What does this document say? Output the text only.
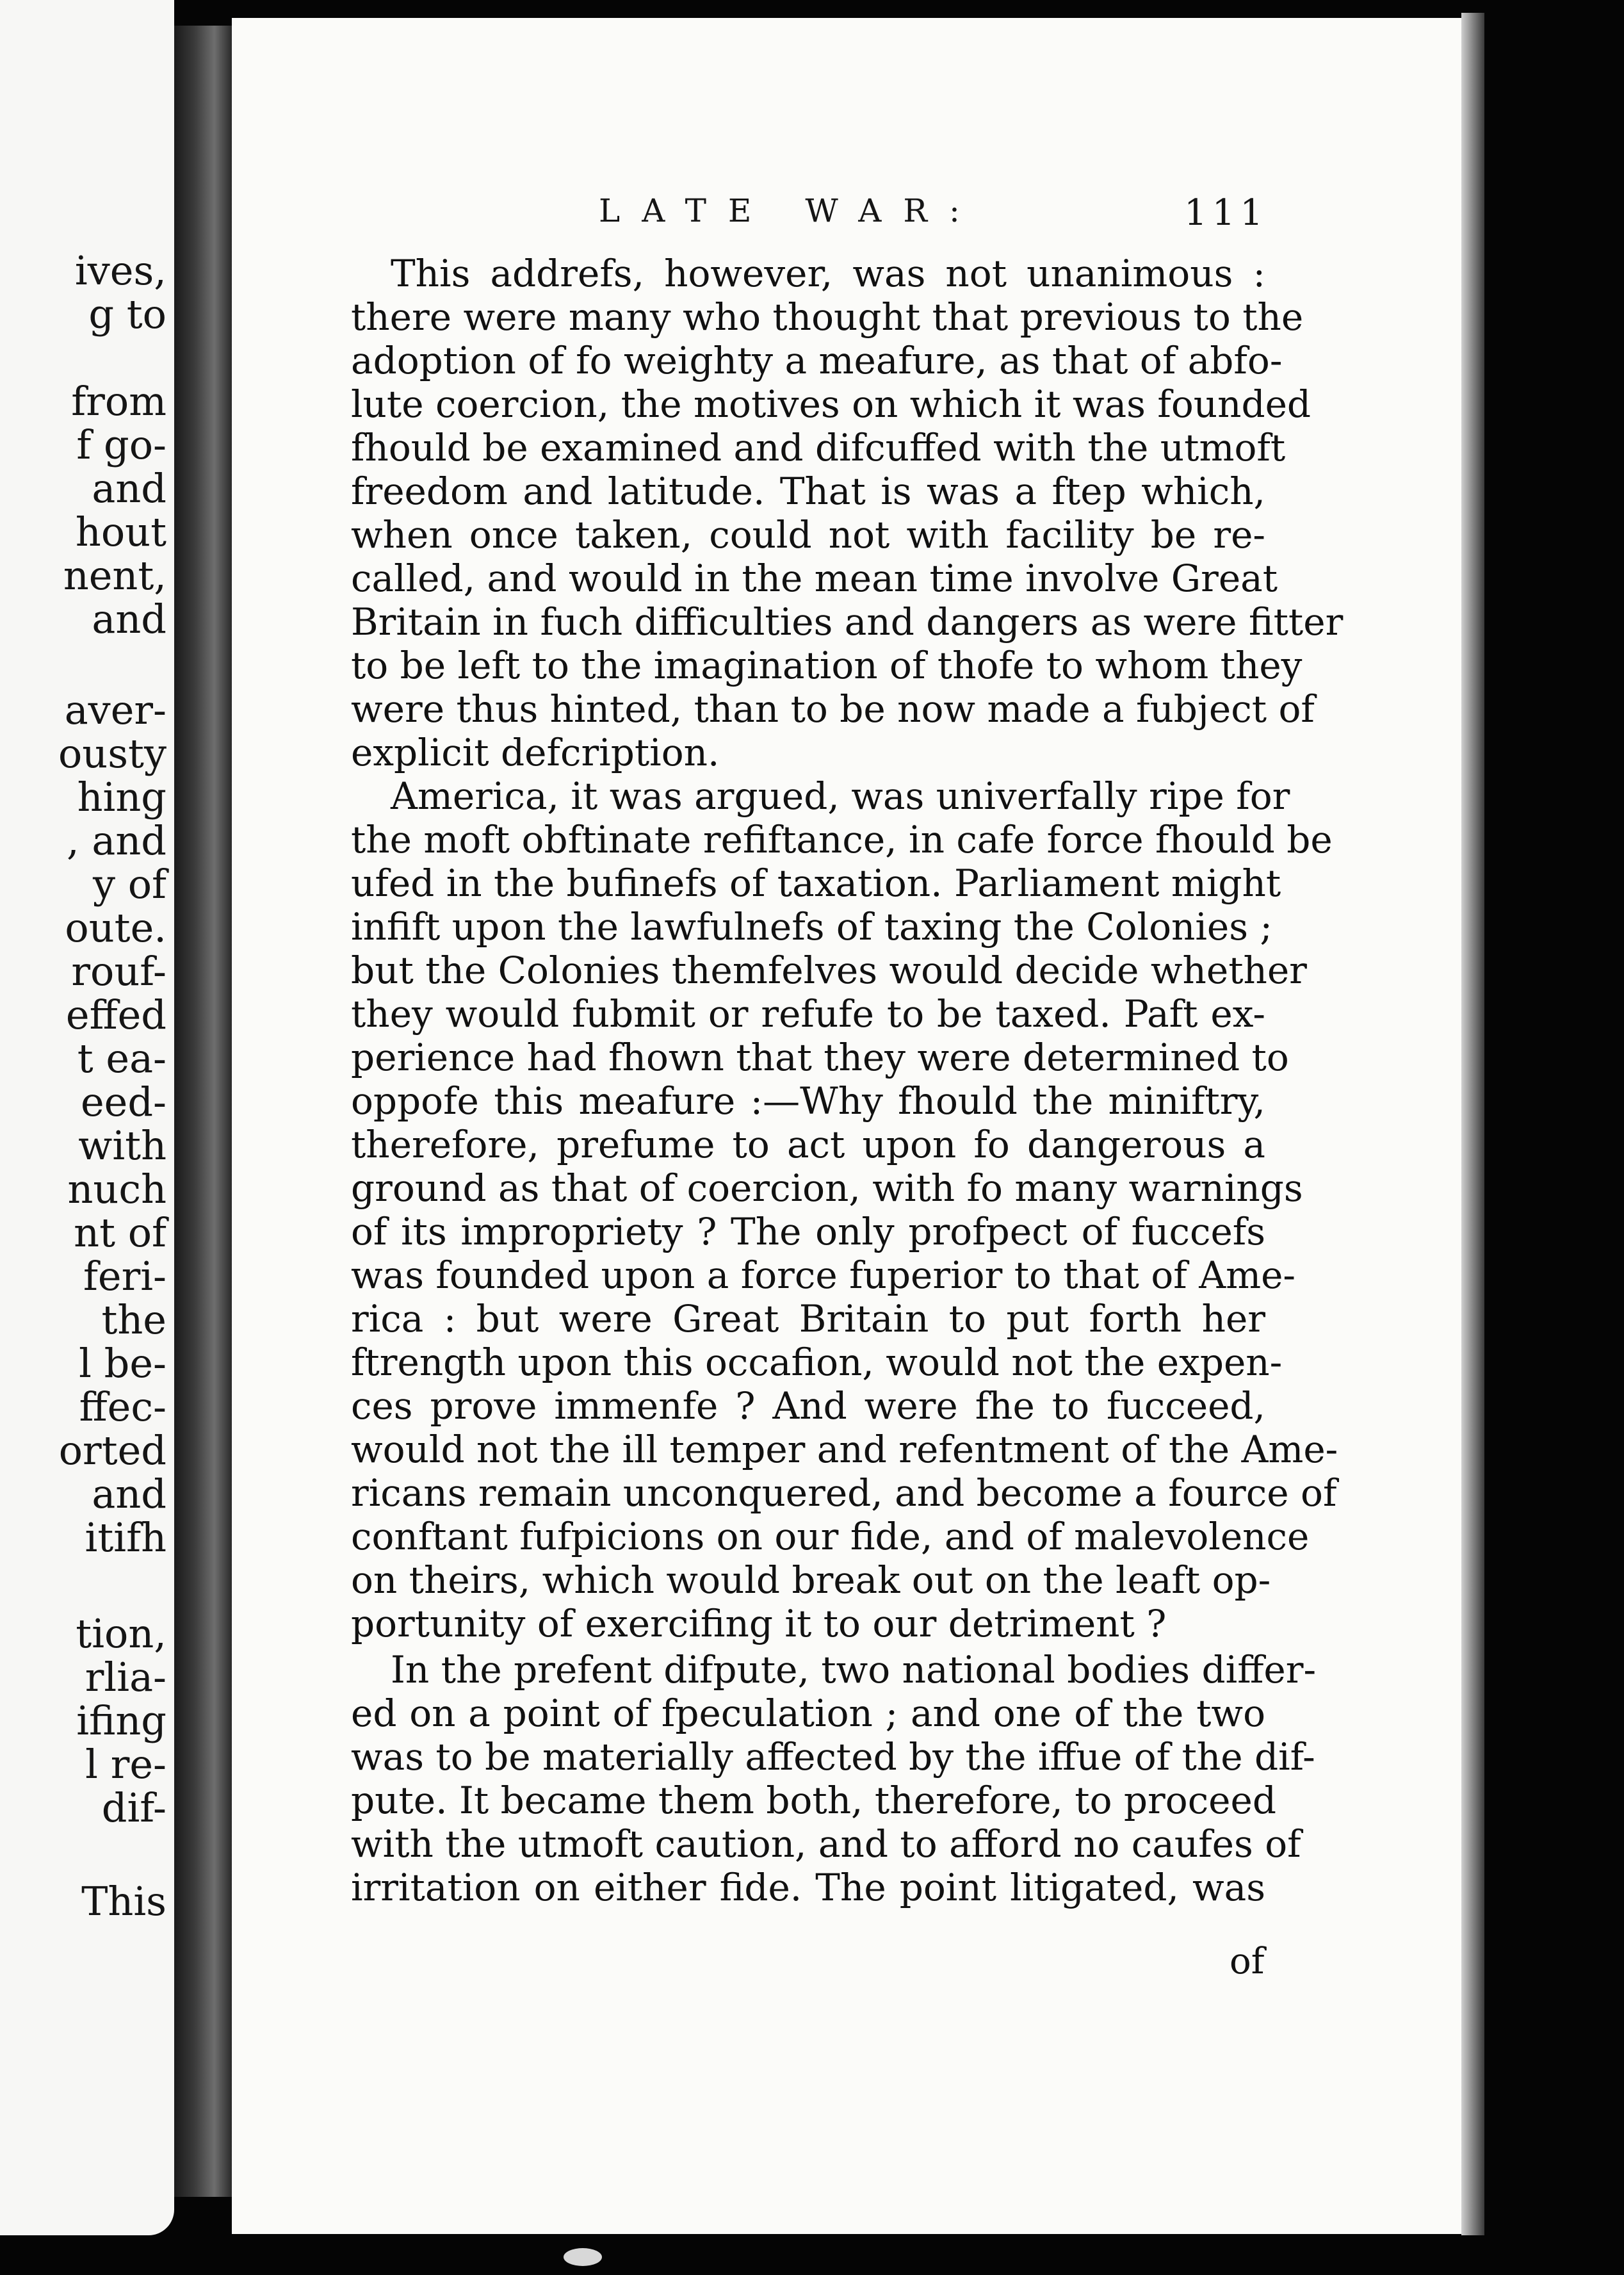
ives,
g to
from
f go-
and
hout
nent,
and
aver-
ousty
hing
, and
y of
oute.
rouf-
effed
t ea-
eed-
with
nuch
nt of
feri-
the
l be-
ffec-
orted
and
itifh
tion,
rlia-
ifing
l re-
dif-
This
LATE WAR:	111
This addrefs, however, was not unanimous :
there were many who thought that previous to the
adoption of fo weighty a meafure, as that of abfo-
lute coercion, the motives on which it was founded
fhould be examined and difcuffed with the utmoft
freedom and latitude. That is was a ftep which,
when once taken, could not with facility be re-
called, and would in the mean time involve Great
Britain in fuch difficulties and dangers as were fitter
to be left to the imagination of thofe to whom they
were thus hinted, than to be now made a fubject of
explicit defcription.
America, it was argued, was univerfally ripe for
the moft obftinate refiftance, in cafe force fhould be
ufed in the bufinefs of taxation. Parliament might
infift upon the lawfulnefs of taxing the Colonies ;
but the Colonies themfelves would decide whether
they would fubmit or refufe to be taxed. Paft ex-
perience had fhown that they were determined to
oppofe this meafure :—Why fhould the miniftry,
therefore, prefume to act upon fo dangerous a
ground as that of coercion, with fo many warnings
of its impropriety ? The only profpect of fuccefs
was founded upon a force fuperior to that of Ame-
rica : but were Great Britain to put forth her
ftrength upon this occafion, would not the expen-
ces prove immenfe ? And were fhe to fucceed,
would not the ill temper and refentment of the Ame-
ricans remain unconquered, and become a fource of
conftant fufpicions on our fide, and of malevolence
on theirs, which would break out on the leaft op-
portunity of exercifing it to our detriment ?
In the prefent difpute, two national bodies differ-
ed on a point of fpeculation ; and one of the two
was to be materially affected by the iffue of the dif-
pute. It became them both, therefore, to proceed
with the utmoft caution, and to afford no caufes of
irritation on either fide. The point litigated, was
of
